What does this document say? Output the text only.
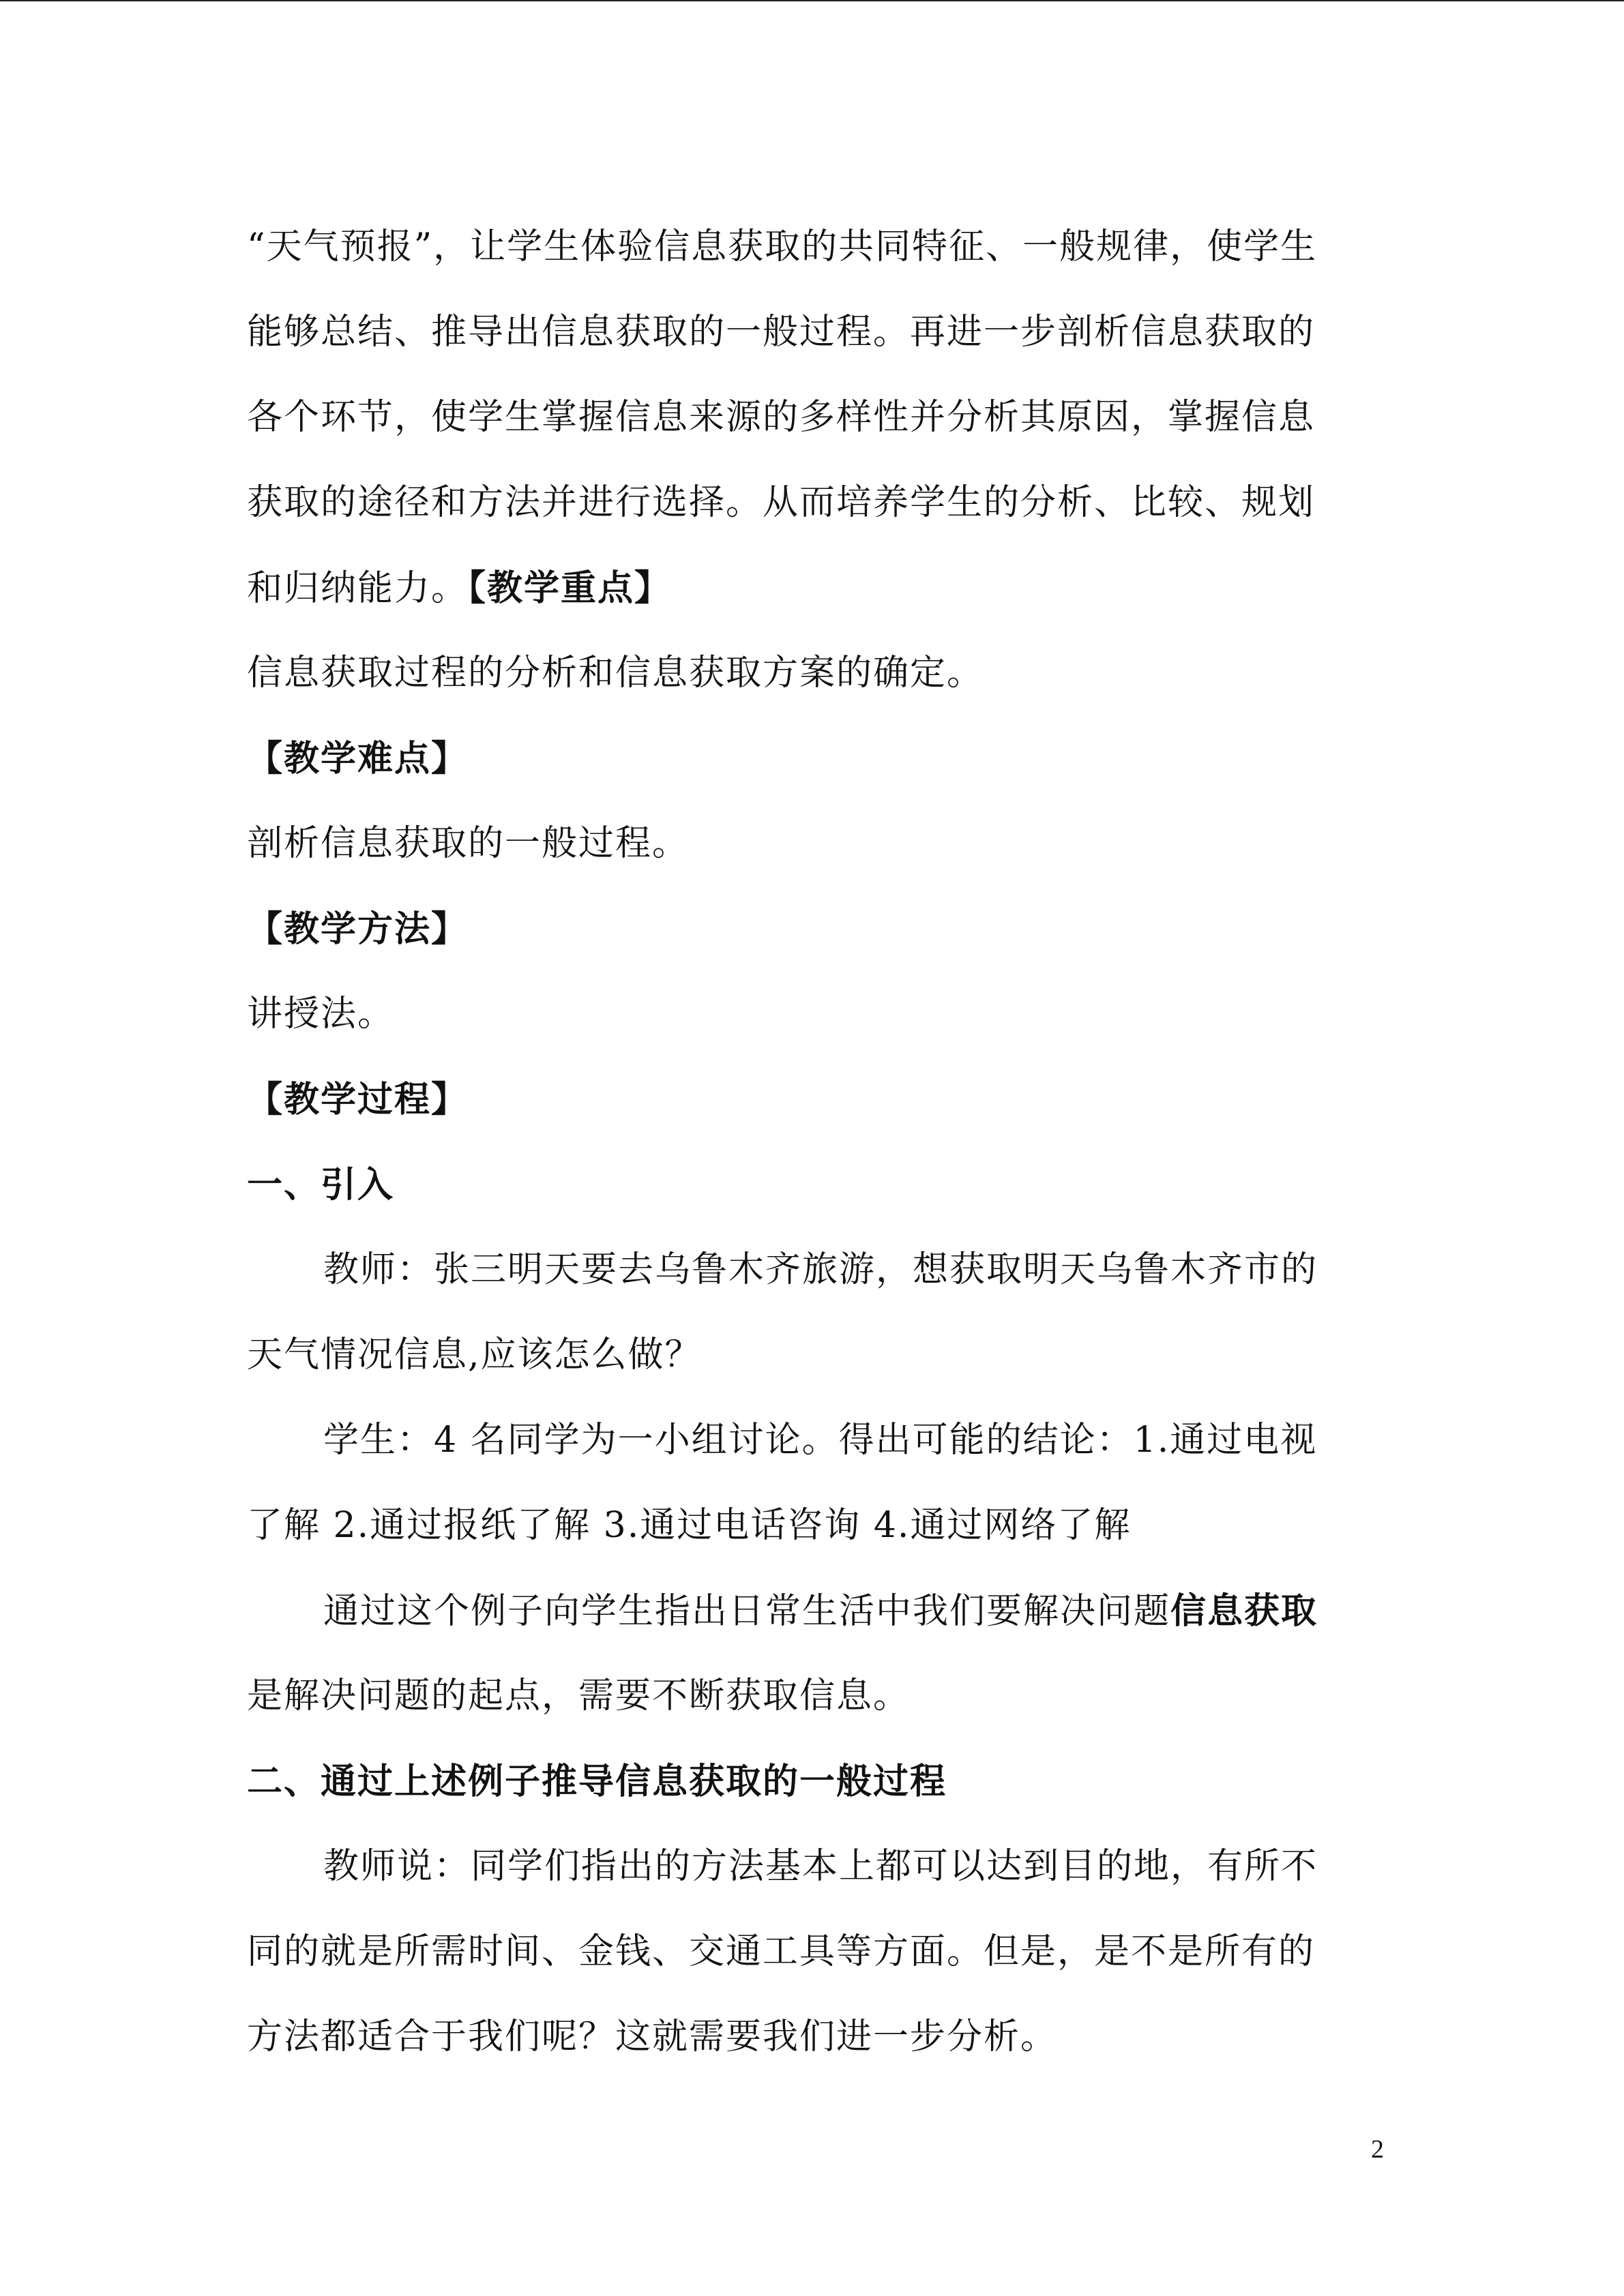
“天气预报”，让学生体验信息获取的共同特征、一般规律，使学生
能够总结、推导出信息获取的一般过程。再进一步剖析信息获取的
各个环节，使学生掌握信息来源的多样性并分析其原因，掌握信息
获取的途径和方法并进行选择。从而培养学生的分析、比较、规划
和归纳能力。【教学重点】
信息获取过程的分析和信息获取方案的确定。
【教学难点】
剖析信息获取的一般过程。
【教学方法】
讲授法。
【教学过程】
一、引入
教师：张三明天要去乌鲁木齐旅游，想获取明天乌鲁木齐市的
天气情况信息,应该怎么做？
学生：4 名同学为一小组讨论。得出可能的结论：1.通过电视
了解 2.通过报纸了解 3.通过电话咨询 4.通过网络了解
通过这个例子向学生指出日常生活中我们要解决问题信息获取
是解决问题的起点，需要不断获取信息。
二、通过上述例子推导信息获取的一般过程
教师说：同学们指出的方法基本上都可以达到目的地，有所不
同的就是所需时间、金钱、交通工具等方面。但是，是不是所有的
方法都适合于我们呢？这就需要我们进一步分析。
2
